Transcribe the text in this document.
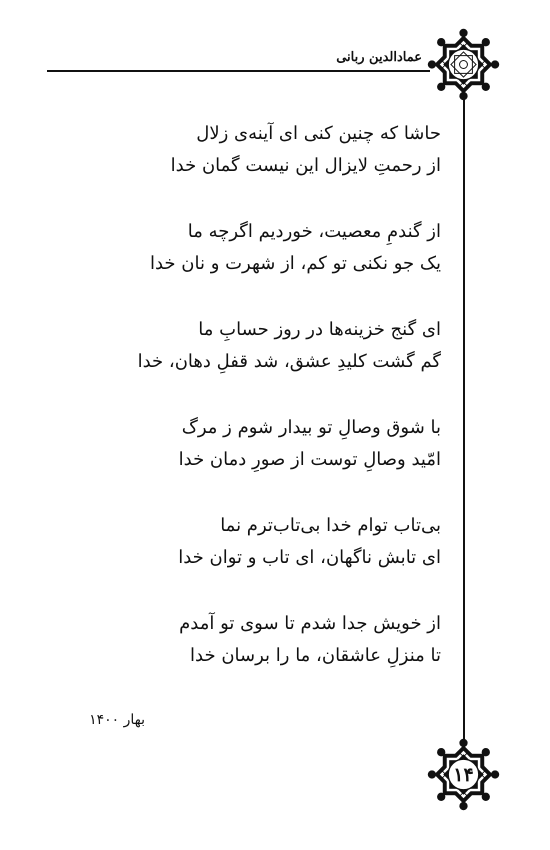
عمادالدین ربانی
حاشا که چنین کنی ای آینه‌ی زلال
از رحمتِ لایزال این نیست گمان خدا
از گندمِ معصیت، خوردیم اگرچه ما
یک جو نکنی تو کم، از شهرت و نان خدا
ای گنج خزینه‌ها در روز حسابِ ما
گم گشت کلیدِ عشق، شد قفلِ دهان، خدا
با شوق وصالِ تو بیدار شوم ز مرگ
امّید وصالِ توست از صورِ دمان خدا
بی‌تاب توام خدا بی‌تاب‌ترم نما
ای تابش ناگهان، ای تاب و توان خدا
از خویش جدا شدم تا سوی تو آمدم
تا منزلِ عاشقان، ما را برسان خدا
بهار ۱۴۰۰
۱۴
